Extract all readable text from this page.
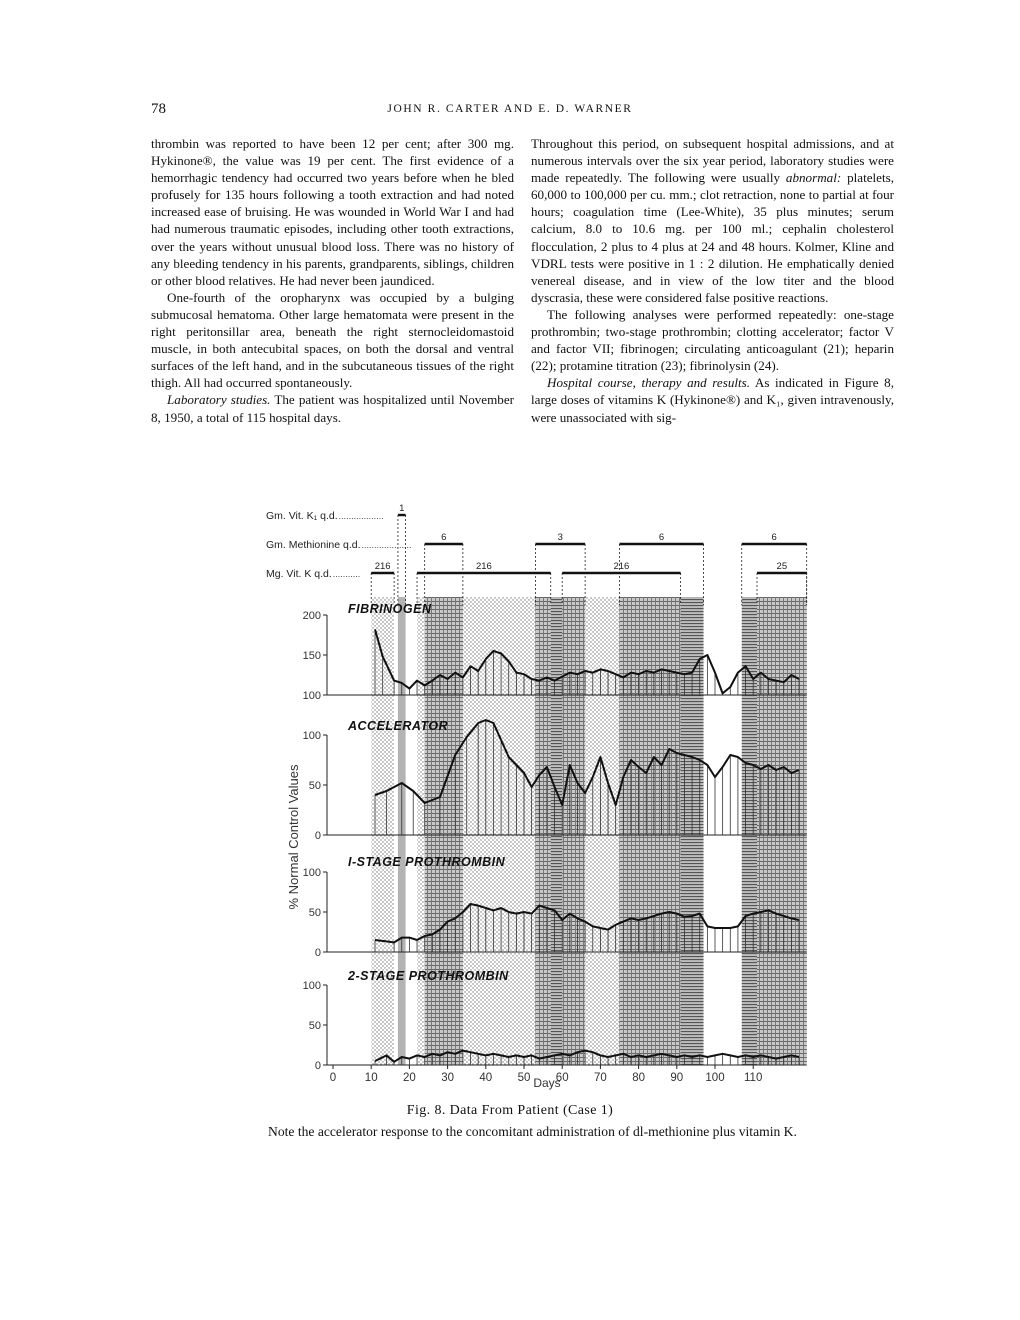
78	JOHN R. CARTER AND E. D. WARNER

thrombin was reported to have been 12 per cent; after 300 mg. Hykinone®, the value was 19 per cent. The first evidence of a hemorrhagic tendency had occurred two years before when he bled profusely for 135 hours following a tooth extraction and had noted increased ease of bruising. He was wounded in World War I and had had numerous traumatic episodes, including other tooth extractions, over the years without unusual blood loss. There was no history of any bleeding tendency in his parents, grandparents, siblings, children or other blood relatives. He had never been jaundiced.

One-fourth of the oropharynx was occupied by a bulging submucosal hematoma. Other large hematomata were present in the right peritonsillar area, beneath the right sternocleidomastoid muscle, in both antecubital spaces, on both the dorsal and ventral surfaces of the left hand, and in the subcutaneous tissues of the right thigh. All had occurred spontaneously.

Laboratory studies. The patient was hospitalized until November 8, 1950, a total of 115 hospital days.

Throughout this period, on subsequent hospital admissions, and at numerous intervals over the six year period, laboratory studies were made repeatedly. The following were usually abnormal: platelets, 60,000 to 100,000 per cu. mm.; clot retraction, none to partial at four hours; coagulation time (Lee-White), 35 plus minutes; serum calcium, 8.0 to 10.6 mg. per 100 ml.; cephalin cholesterol flocculation, 2 plus to 4 plus at 24 and 48 hours. Kolmer, Kline and VDRL tests were positive in 1 : 2 dilution. He emphatically denied venereal disease, and in view of the low titer and the blood dyscrasia, these were considered false positive reactions.

The following analyses were performed repeatedly: one-stage prothrombin; two-stage prothrombin; clotting accelerator; factor V and factor VII; fibrinogen; circulating anticoagulant (21); heparin (22); protamine titration (23); fibrinolysin (24).

Hospital course, therapy and results. As indicated in Figure 8, large doses of vitamins K (Hykinone®) and K₁, given intravenously, were unassociated with sig-

Gm. Vit. K₁ q.d. ..................
1
Gm. Methionine q.d. ....................
6	3	6	6
Mg. Vit. K q.d. ...........
216	216	216	25
FIBRINOGEN
100
150
200
ACCELERATOR
0
50
100
I-STAGE PROTHROMBIN
0
50
100
2-STAGE PROTHROMBIN
0
50
100
0 10 20 30 40 50 60 70 80 90 100 110
% Normal Control Values
Days
Fig. 8. Data From Patient (Case 1)
Note the accelerator response to the concomitant administration of dl-methionine plus vitamin K.
